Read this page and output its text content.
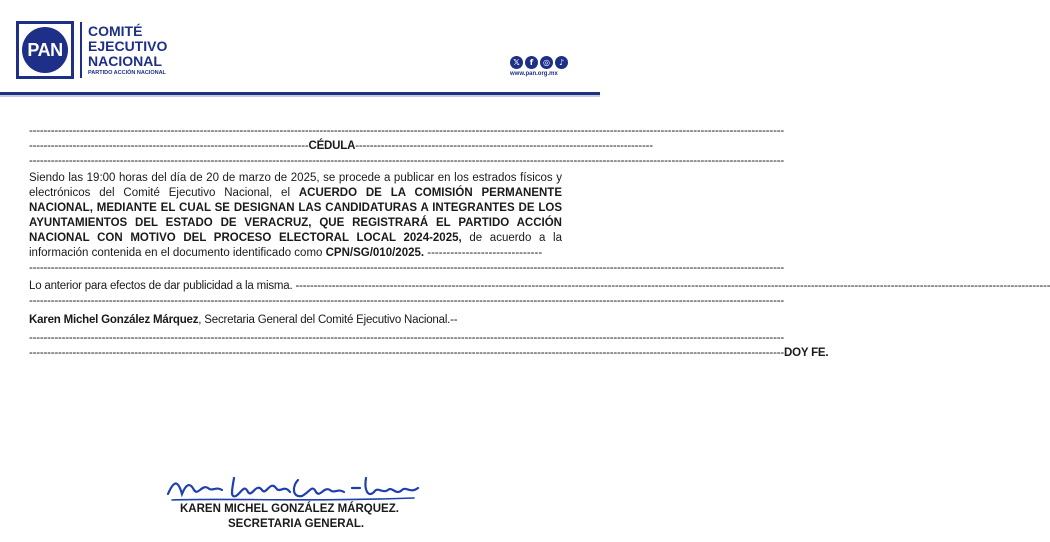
PAN
COMITÉ
EJECUTIVO
NACIONAL
PARTIDO ACCIÓN NACIONAL
𝕏	f	◎	♪
www.pan.org.mx
-----
-----------------------------------------------------------------------------CÉDULA----------------------------------------------------------------------------------
-----
Siendo las 19:00 horas del día de 20 de marzo de 2025, se procede a publicar en los estrados físicos y electrónicos del Comité Ejecutivo Nacional, el ACUERDO DE LA COMISIÓN PERMANENTE NACIONAL, MEDIANTE EL CUAL SE DESIGNAN LAS CANDIDATURAS A INTEGRANTES DE LOS AYUNTAMIENTOS DEL ESTADO DE VERACRUZ, QUE REGISTRARÁ EL PARTIDO ACCIÓN NACIONAL CON MOTIVO DEL PROCESO ELECTORAL LOCAL 2024-2025, de acuerdo a la información contenida en el documento identificado como CPN/SG/010/2025. ------------------------------
-----
Lo anterior para efectos de dar publicidad a la misma. -----
-----
Karen Michel González Márquez, Secretaria General del Comité Ejecutivo Nacional.--
-----
-----
DOY FE.
KAREN MICHEL GONZÁLEZ MÁRQUEZ.
SECRETARIA GENERAL.
